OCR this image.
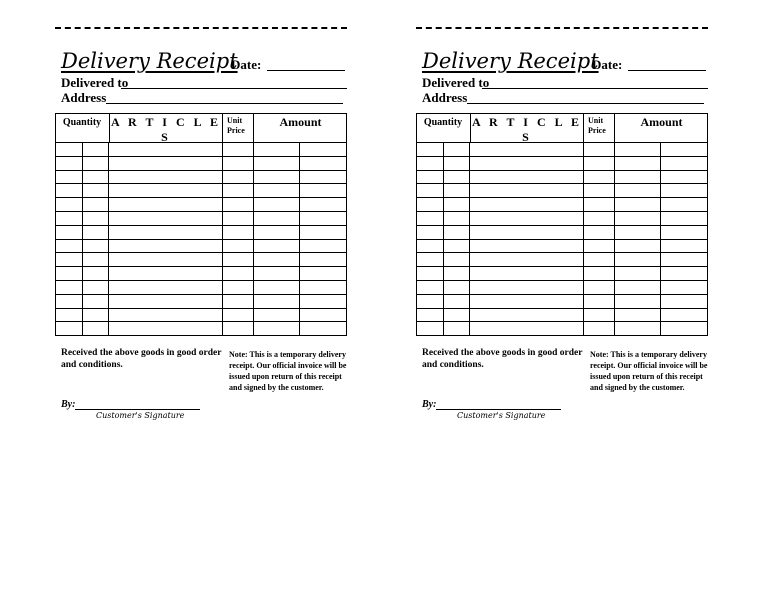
Delivery Receipt
Date:
Delivered to
Address
Quantity A R T I C L E S
Unit Price
Amount
Received the above goods in good order and conditions.
Note: This is a temporary delivery receipt. Our official invoice will be issued upon return of this receipt and signed by the customer.
By:
Customer's Signature
Delivery Receipt
Date:
Delivered to
Address
Quantity A R T I C L E S
Unit Price
Amount
Received the above goods in good order and conditions.
Note: This is a temporary delivery receipt. Our official invoice will be issued upon return of this receipt and signed by the customer.
By:
Customer's Signature
